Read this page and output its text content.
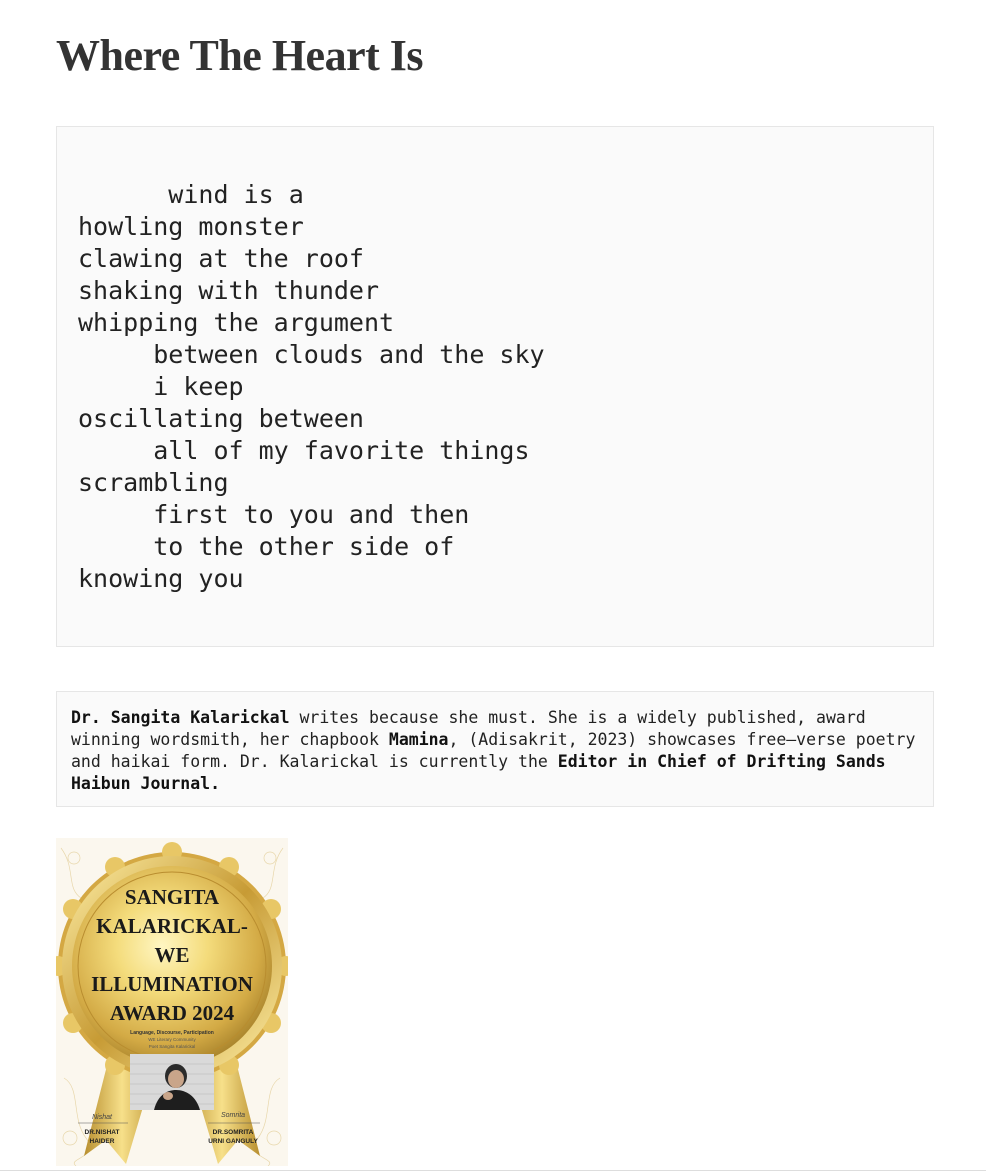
Where The Heart Is
wind is a
howling monster
clawing at the roof
shaking with thunder
whipping the argument
between clouds and the sky
i keep
oscillating between
all of my favorite things
scrambling
first to you and then
to the other side of
knowing you
Dr. Sangita Kalarickal writes because she must. She is a widely published, award winning wordsmith, her chapbook Mamina, (Adisakrit, 2023) showcases free–verse poetry and haikai form. Dr. Kalarickal is currently the Editor in Chief of Drifting Sands Haibun Journal.
SANGITA
KALARICKAL-
WE
ILLUMINATION
AWARD 2024
Language, Discourse, Participation
WE Literary Community
Poet Sangita Kalarickal
Nishat
DR.NISHAT
HAIDER
Somrita
DR.SOMRITA
URNI GANGULY
